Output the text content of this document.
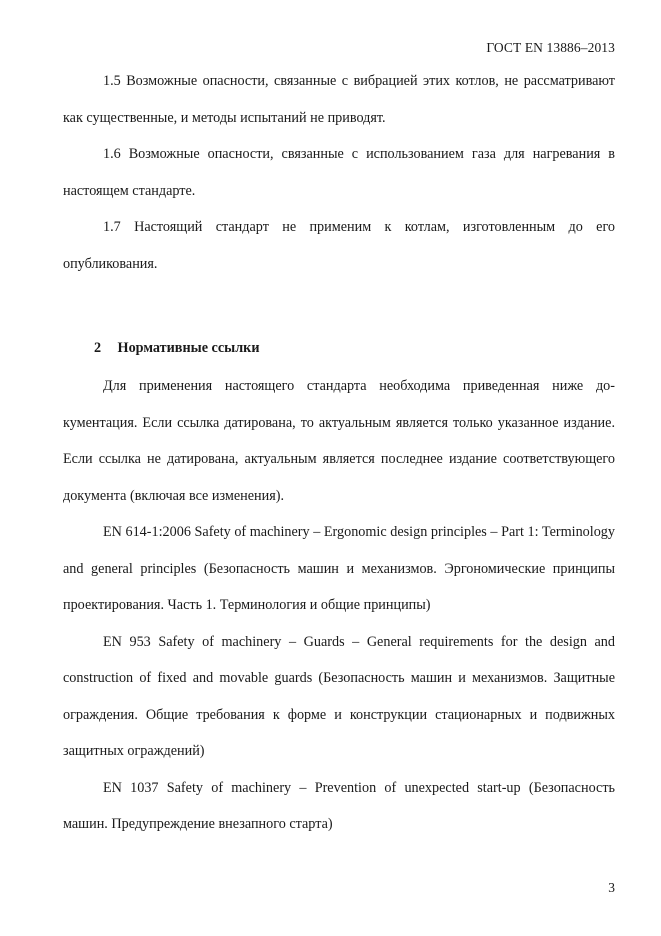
ГОСТ EN 13886–2013

1.5 Возможные опасности, связанные с вибрацией этих котлов, не рассматривают как существенные, и методы испытаний не приводят.

1.6 Возможные опасности, связанные с использованием газа для нагревания в настоящем стандарте.

1.7 Настоящий стандарт не применим к котлам, изготовленным до его опубликования.

2 Нормативные ссылки

Для применения настоящего стандарта необходима приведенная ниже документация. Если ссылка датирована, то актуальным является только указанное издание. Если ссылка не датирована, актуальным является последнее издание соответствующего документа (включая все изменения).

EN 614-1:2006 Safety of machinery – Ergonomic design principles – Part 1: Terminology and general principles (Безопасность машин и механизмов. Эргономические принципы проектирования. Часть 1. Терминология и общие принципы)

EN 953 Safety of machinery – Guards – General requirements for the design and construction of fixed and movable guards (Безопасность машин и механизмов. Защитные ограждения. Общие требования к форме и конструкции стационарных и подвижных защитных ограждений)

EN 1037 Safety of machinery – Prevention of unexpected start-up (Безопасность машин. Предупреждение внезапного старта)

3
